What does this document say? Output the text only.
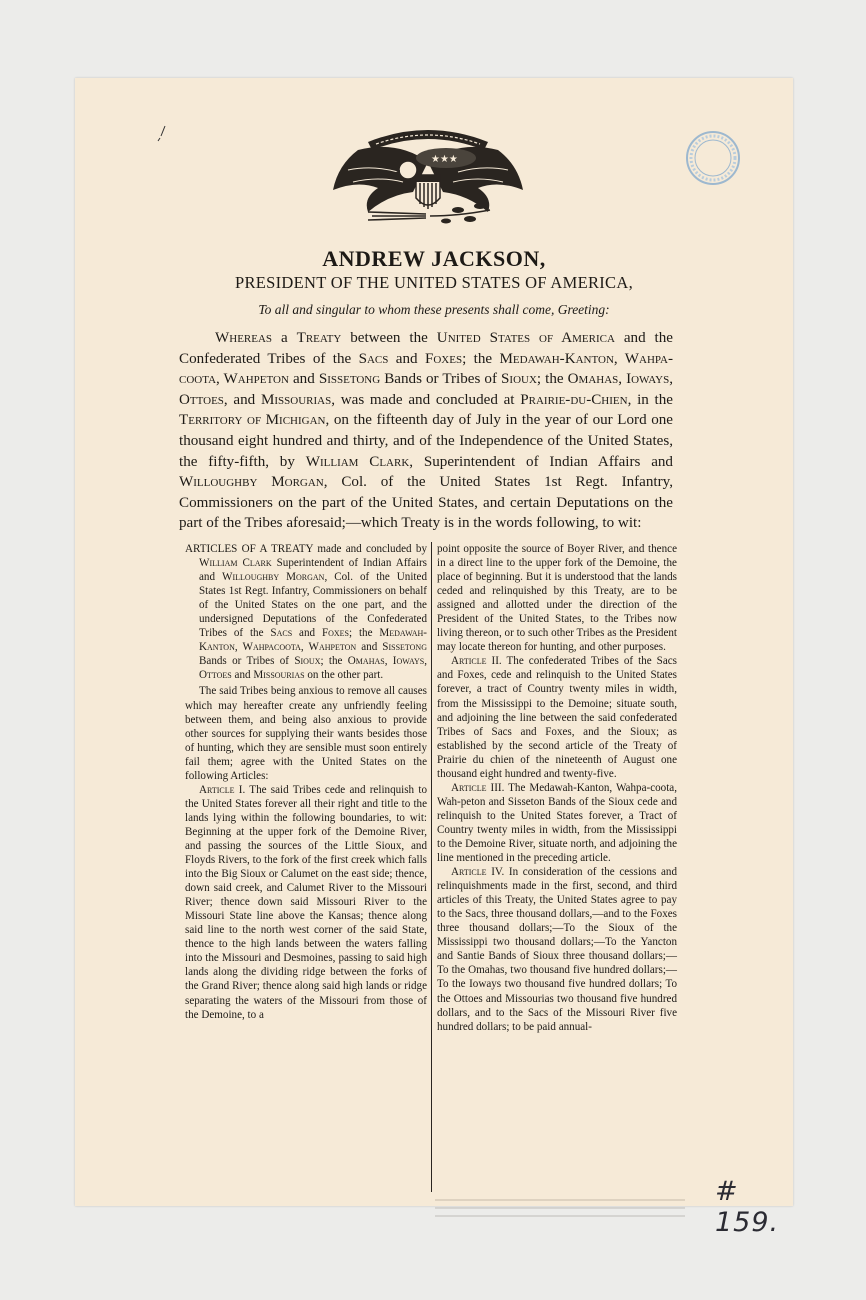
★★★
ANDREW JACKSON,
PRESIDENT OF THE UNITED STATES OF AMERICA,
To all and singular to whom these presents shall come, Greeting:

Whereas a Treaty between the United States of America and the Confederated Tribes of the Sacs and Foxes; the Medawah-Kanton, Wahpa-coota, Wahpeton and Sissetong Bands or Tribes of Sioux; the Omahas, Ioways, Ottoes, and Missourias, was made and concluded at Prairie-du-Chien, in the Territory of Michigan, on the fifteenth day of July in the year of our Lord one thousand eight hundred and thirty, and of the Independence of the United States, the fifty-fifth, by William Clark, Superintendent of Indian Affairs and Willoughby Morgan, Col. of the United States 1st Regt. Infantry, Commissioners on the part of the United States, and certain Deputations on the part of the Tribes aforesaid;—which Treaty is in the words following, to wit:

ARTICLES OF A TREATY made and concluded by William Clark Superintendent of Indian Affairs and Willoughby Morgan, Col. of the United States 1st Regt. Infantry, Commissioners on behalf of the United States on the one part, and the undersigned Deputations of the Confederated Tribes of the Sacs and Foxes; the Medawah-Kanton, Wahpacoota, Wahpeton and Sissetong Bands or Tribes of Sioux; the Omahas, Ioways, Ottoes and Missourias on the other part.

The said Tribes being anxious to remove all causes which may hereafter create any unfriendly feeling between them, and being also anxious to provide other sources for supplying their wants besides those of hunting, which they are sensible must soon entirely fail them; agree with the United States on the following Articles:

Article I. The said Tribes cede and relinquish to the United States forever all their right and title to the lands lying within the following boundaries, to wit: Beginning at the upper fork of the Demoine River, and passing the sources of the Little Sioux, and Floyds Rivers, to the fork of the first creek which falls into the Big Sioux or Calumet on the east side; thence, down said creek, and Calumet River to the Missouri River; thence down said Missouri River to the Missouri State line above the Kansas; thence along said line to the north west corner of the said State, thence to the high lands between the waters falling into the Missouri and Desmoines, passing to said high lands along the dividing ridge between the forks of the Grand River; thence along said high lands or ridge separating the waters of the Missouri from those of the Demoine, to a

point opposite the source of Boyer River, and thence in a direct line to the upper fork of the Demoine, the place of beginning. But it is understood that the lands ceded and relinquished by this Treaty, are to be assigned and allotted under the direction of the President of the United States, to the Tribes now living thereon, or to such other Tribes as the President may locate thereon for hunting, and other purposes.

Article II. The confederated Tribes of the Sacs and Foxes, cede and relinquish to the United States forever, a tract of Country twenty miles in width, from the Mississippi to the Demoine; situate south, and adjoining the line between the said confederated Tribes of Sacs and Foxes, and the Sioux; as established by the second article of the Treaty of Prairie du chien of the nineteenth of August one thousand eight hundred and twenty-five.

Article III. The Medawah-Kanton, Wahpa-coota, Wah-peton and Sisseton Bands of the Sioux cede and relinquish to the United States forever, a Tract of Country twenty miles in width, from the Mississippi to the Demoine River, situate north, and adjoining the line mentioned in the preceding article.

Article IV. In consideration of the cessions and relinquishments made in the first, second, and third articles of this Treaty, the United States agree to pay to the Sacs, three thousand dollars,—and to the Foxes three thousand dollars;—To the Sioux of the Mississippi two thousand dollars;—To the Yancton and Santie Bands of Sioux three thousand dollars;—To the Omahas, two thousand five hundred dollars;—To the Ioways two thousand five hundred dollars; To the Ottoes and Missourias two thousand five hundred dollars, and to the Sacs of the Missouri River five hundred dollars; to be paid annual-

# 159.
